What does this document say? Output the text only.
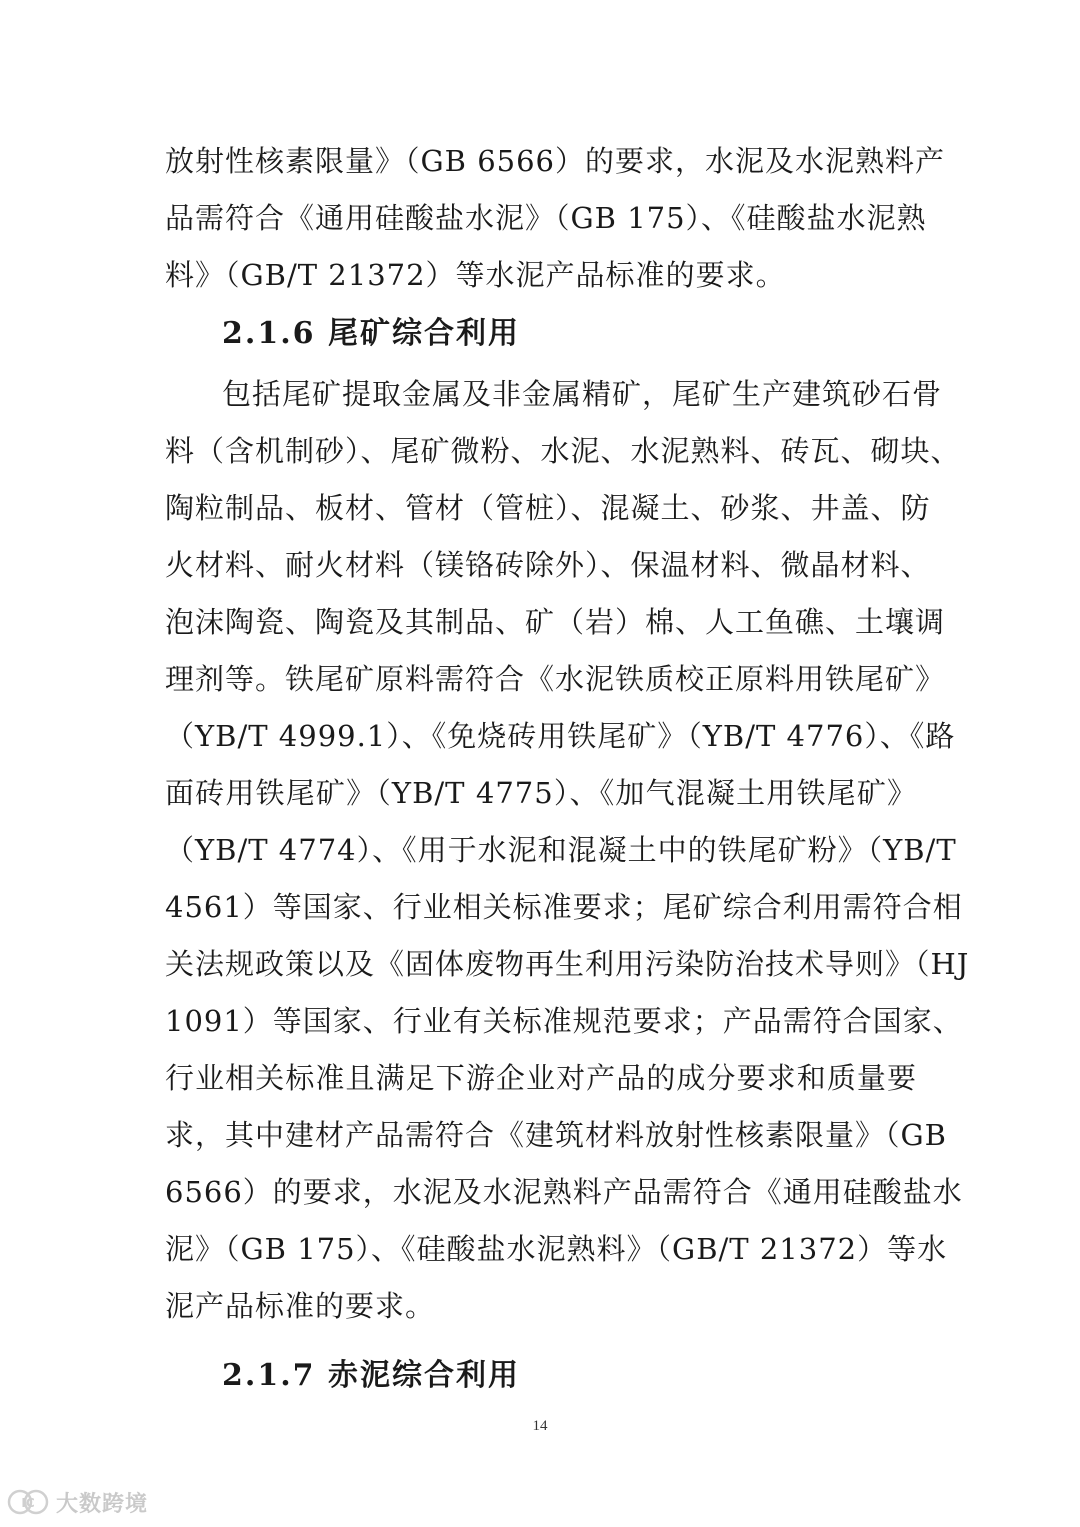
放射性核素限量》（GB 6566）的要求，水泥及水泥熟料产
品需符合《通用硅酸盐水泥》（GB 175）、《硅酸盐水泥熟
料》（GB/T 21372）等水泥产品标准的要求。
2.1.6 尾矿综合利用
包括尾矿提取金属及非金属精矿，尾矿生产建筑砂石骨
料（含机制砂）、尾矿微粉、水泥、水泥熟料、砖瓦、砌块、
陶粒制品、板材、管材（管桩）、混凝土、砂浆、井盖、防
火材料、耐火材料（镁铬砖除外）、保温材料、微晶材料、
泡沫陶瓷、陶瓷及其制品、矿（岩）棉、人工鱼礁、土壤调
理剂等。铁尾矿原料需符合《水泥铁质校正原料用铁尾矿》
（YB/T 4999.1）、《免烧砖用铁尾矿》（YB/T 4776）、《路
面砖用铁尾矿》（YB/T 4775）、《加气混凝土用铁尾矿》
（YB/T 4774）、《用于水泥和混凝土中的铁尾矿粉》（YB/T
4561）等国家、行业相关标准要求；尾矿综合利用需符合相
关法规政策以及《固体废物再生利用污染防治技术导则》（HJ
1091）等国家、行业有关标准规范要求；产品需符合国家、
行业相关标准且满足下游企业对产品的成分要求和质量要
求，其中建材产品需符合《建筑材料放射性核素限量》（GB
6566）的要求，水泥及水泥熟料产品需符合《通用硅酸盐水
泥》（GB 175）、《硅酸盐水泥熟料》（GB/T 21372）等水
泥产品标准的要求。
2.1.7 赤泥综合利用
14
IC 大数跨境
